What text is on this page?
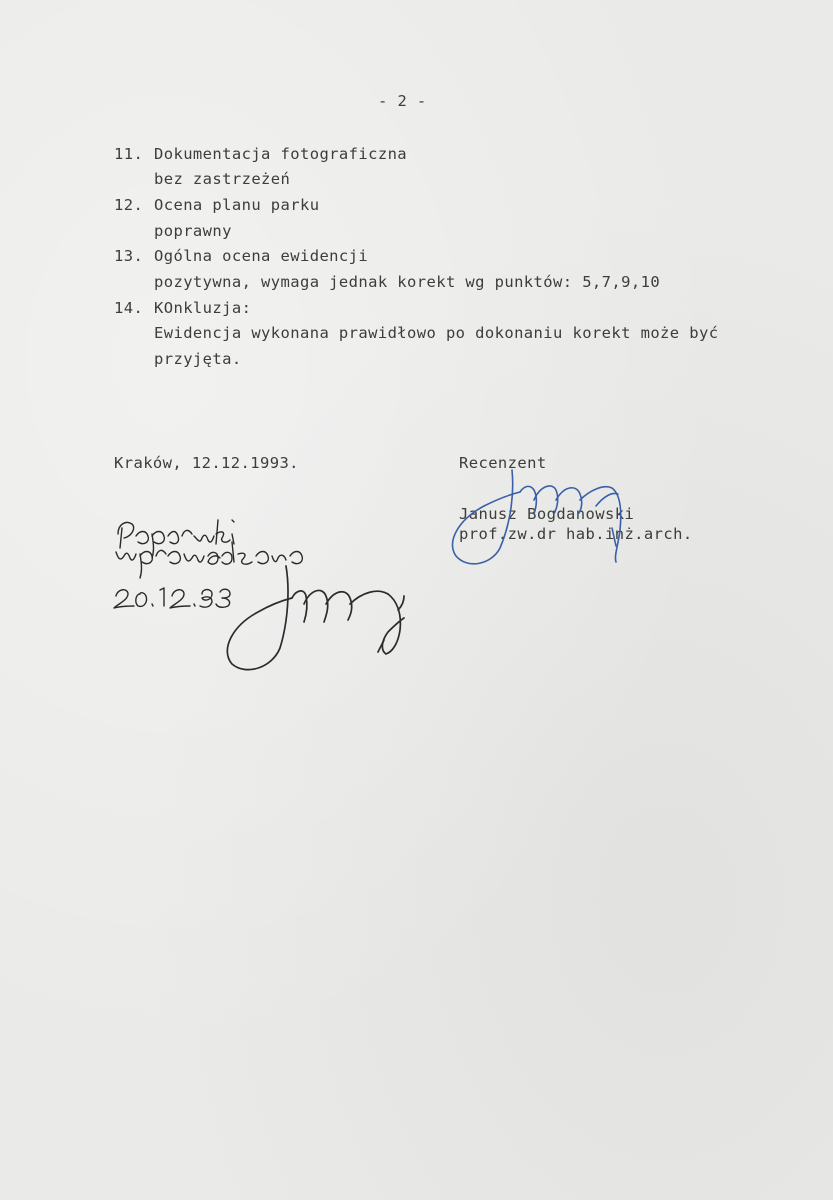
- 2 -
11. Dokumentacja fotograficzna
bez zastrzeżeń
12. Ocena planu parku
poprawny
13. Ogólna ocena ewidencji
pozytywna, wymaga jednak korekt wg punktów: 5,7,9,10
14. KOnkluzja:
Ewidencja wykonana prawidłowo po dokonaniu korekt może być
przyjęta.
Kraków, 12.12.1993.	Recenzent
Janusz Bogdanowski
prof.zw.dr hab.inż.arch.
